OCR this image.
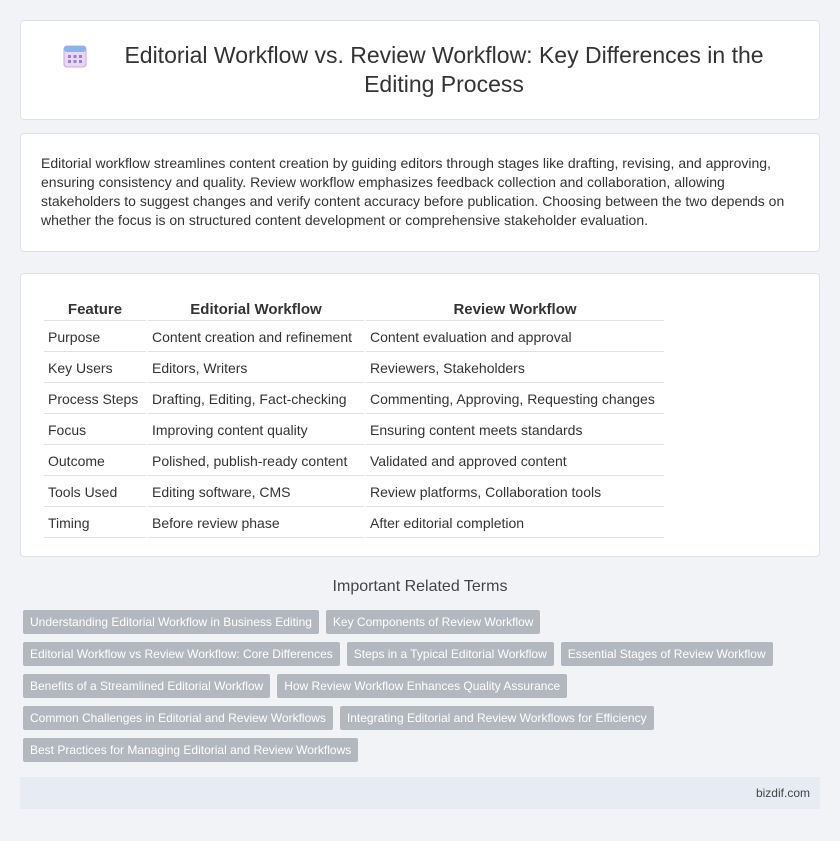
Editorial Workflow vs. Review Workflow: Key Differences in the Editing Process

Editorial workflow streamlines content creation by guiding editors through stages like drafting, revising, and approving, ensuring consistency and quality. Review workflow emphasizes feedback collection and collaboration, allowing stakeholders to suggest changes and verify content accuracy before publication. Choosing between the two depends on whether the focus is on structured content development or comprehensive stakeholder evaluation.

Feature	Editorial Workflow	Review Workflow
Purpose	Content creation and refinement	Content evaluation and approval
Key Users	Editors, Writers	Reviewers, Stakeholders
Process Steps	Drafting, Editing, Fact-checking	Commenting, Approving, Requesting changes
Focus	Improving content quality	Ensuring content meets standards
Outcome	Polished, publish-ready content	Validated and approved content
Tools Used	Editing software, CMS	Review platforms, Collaboration tools
Timing	Before review phase	After editorial completion
Important Related Terms
Understanding Editorial Workflow in Business Editing	Key Components of Review Workflow
Editorial Workflow vs Review Workflow: Core Differences	Steps in a Typical Editorial Workflow	Essential Stages of Review Workflow
Benefits of a Streamlined Editorial Workflow	How Review Workflow Enhances Quality Assurance
Common Challenges in Editorial and Review Workflows	Integrating Editorial and Review Workflows for Efficiency
Best Practices for Managing Editorial and Review Workflows
bizdif.com
